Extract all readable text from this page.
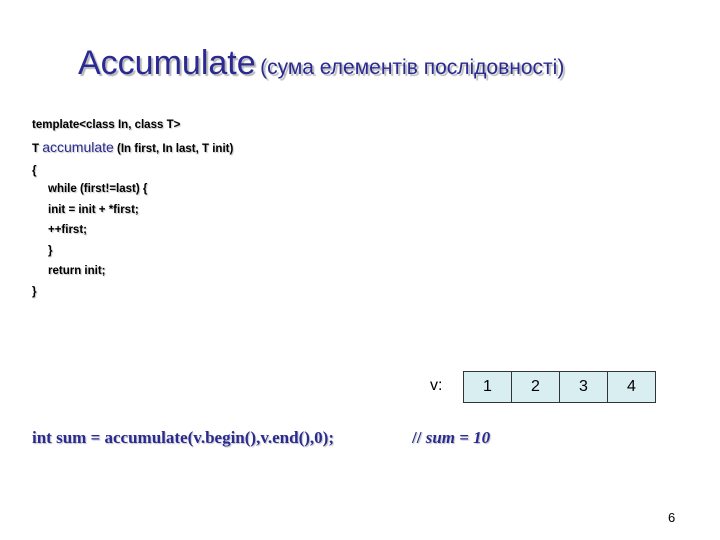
Accumulate (сума елементів послідовності)
template<class In, class T>
T accumulate (In first, In last, T init)
{
while (first!=last) {
init = init + *first;
++first;
}
return init;
}
v:	1	2	3	4
int sum = accumulate(v.begin(),v.end(),0);	// sum = 10
6
